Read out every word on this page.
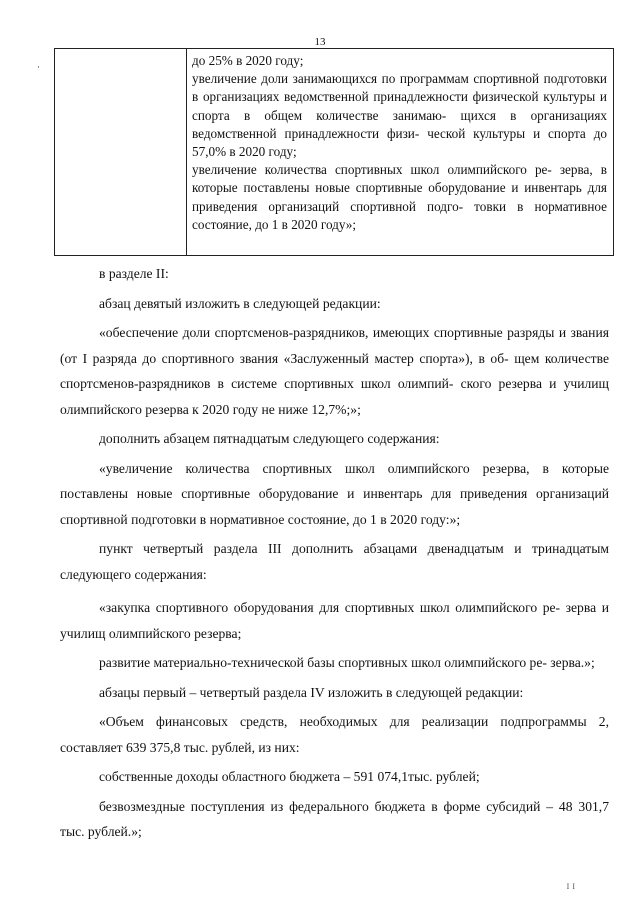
13
·	до 25% в 2020 году;
увеличение доли занимающихся по программам спортивной подготовки в организациях ведомственной принадлежности физической культуры и спорта в общем количестве занимаю- щихся в организациях ведомственной принадлежности физи- ческой культуры и спорта до 57,0% в 2020 году;
увеличение количества спортивных школ олимпийского ре- зерва, в которые поставлены новые спортивные оборудование и инвентарь для приведения организаций спортивной подго- товки в нормативное состояние, до 1 в 2020 году»;

в разделе II:

абзац девятый изложить в следующей редакции:

«обеспечение доли спортсменов-разрядников, имеющих спортивные разряды и звания (от I разряда до спортивного звания «Заслуженный мастер спорта»), в об- щем количестве спортсменов-разрядников в системе спортивных школ олимпий- ского резерва и училищ олимпийского резерва к 2020 году не ниже 12,7%;»;

дополнить абзацем пятнадцатым следующего содержания:

«увеличение количества спортивных школ олимпийского резерва, в которые поставлены новые спортивные оборудование и инвентарь для приведения организаций спортивной подготовки в нормативное состояние, до 1 в 2020 году:»;

пункт четвертый раздела III дополнить абзацами двенадцатым и тринадцатым следующего содержания:

«закупка спортивного оборудования для спортивных школ олимпийского ре- зерва и училищ олимпийского резерва;

развитие материально-технической базы спортивных школ олимпийского ре- зерва.»;

абзацы первый – четвертый раздела IV изложить в следующей редакции:

«Объем финансовых средств, необходимых для реализации подпрограммы 2, составляет 639 375,8 тыс. рублей, из них:

собственные доходы областного бюджета – 591 074,1тыс. рублей;

безвозмездные поступления из федерального бюджета в форме субсидий – 48 301,7 тыс. рублей.»;

II
